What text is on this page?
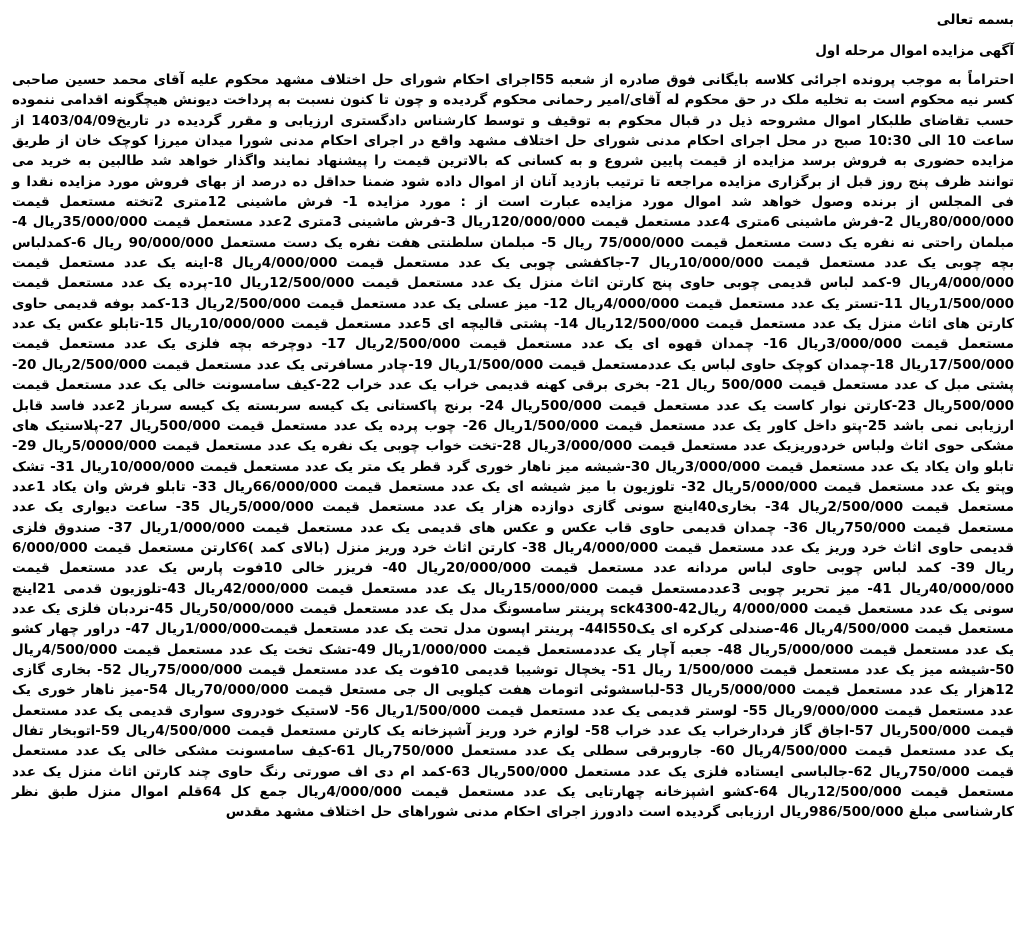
بسمه تعالی
آگهی مزایده اموال مرحله اول

احتراماً به موجب پرونده اجرائی کلاسه بایگانی فوق صادره از شعبه 55اجرای احکام شورای حل اختلاف مشهد محکوم علیه آقای محمد حسین صاحبی کسر نیه محکوم است به تخلیه ملک در حق محکوم له آقای/امیر رحمانی محکوم گردیده و چون تا کنون نسبت به پرداخت دیونش هیچگونه اقدامی ننموده حسب تقاضای طلبکار اموال مشروحه ذیل در قبال محکوم به توقیف و توسط کارشناس دادگستری ارزیابی و مقرر گردیده در تاریخ1403/04/09 از ساعت 10 الی 10:30 صبح در محل اجرای احکام مدنی شورای حل اختلاف مشهد واقع در اجرای احکام مدنی شورا میدان میرزا کوچک خان از طریق مزایده حضوری به فروش برسد مزایده از قیمت پایین شروع و به کسانی که بالاترین قیمت را پیشنهاد نمایند واگذار خواهد شد طالبین به خرید می توانند ظرف پنج روز قبل از برگزاری مزایده مراجعه تا ترتیب بازدید آنان از اموال داده شود ضمنا حداقل ده درصد از بهای فروش مورد مزایده نقدا و فی المجلس از برنده وصول خواهد شد اموال مورد مزایده عبارت است از : مورد مزایده 1- فرش ماشینی 12متری 2تخته مستعمل قیمت 80/000/000ریال 2-فرش ماشینی 6متری 4عدد مستعمل قیمت 120/000/000ریال 3-فرش ماشینی 3متری 2عدد مستعمل قیمت 35/000/000ریال 4- مبلمان راحتی نه نفره یک دست مستعمل قیمت 75/000/000 ریال 5- مبلمان سلطنتی هفت نفره یک دست مستعمل 90/000/000 ریال 6-کمدلباس بچه چوبی یک عدد مستعمل قیمت 10/000/000ریال 7-جاکفشی چوبی یک عدد مستعمل قیمت 4/000/000ریال 8-اینه یک عدد مستعمل قیمت 4/000/000ریال 9-کمد لباس قدیمی چوبی حاوی پنج کارتن اثاث منزل یک عدد مستعمل قیمت 12/500/000ریال 10-پرده یک عدد مستعمل قیمت 1/500/000ریال 11-تستر یک عدد مستعمل قیمت 4/000/000ریال 12- میز عسلی یک عدد مستعمل قیمت 2/500/000ریال 13-کمد بوفه قدیمی حاوی کارتن های اثاث منزل یک عدد مستعمل قیمت 12/500/000ریال 14- پشتی قالیچه ای 5عدد مستعمل قیمت 10/000/000ریال 15-تابلو عکس یک عدد مستعمل قیمت 3/000/000ریال 16- چمدان قهوه ای یک عدد مستعمل قیمت 2/500/000ریال 17- دوچرخه بچه فلزی یک عدد مستعمل قیمت 17/500/000ریال 18-چمدان کوچک حاوی لباس یک عددمستعمل قیمت 1/500/000ریال 19-چادر مسافرتی یک عدد مستعمل قیمت 2/500/000ریال 20-پشتی مبل ک عدد مستعمل قیمت 500/000 ریال 21- بخری برقی کهنه قدیمی خراب یک عدد خراب 22-کیف سامسونت خالی یک عدد مستعمل قیمت 500/000ریال 23-کارتن نوار کاست یک عدد مستعمل قیمت 500/000ریال 24- برنج پاکستانی یک کیسه سربسته یک کیسه سرباز 2عدد فاسد قابل ارزیابی نمی باشد 25-پتو داخل کاور یک عدد مستعمل قیمت 1/500/000ریال 26- چوب پرده یک عدد مستعمل قیمت 500/000ریال 27-پلاستیک های مشکی حوی اثاث ولباس خردوریزیک عدد مستعمل قیمت 3/000/000ریال 28-تخت خواب چوبی یک نفره یک عدد مستعمل قیمت 5/0000/000ریال 29-تابلو وان یکاد یک عدد مستعمل قیمت 3/000/000ریال 30-شیشه میز ناهار خوری گرد قطر یک متر یک عدد مستعمل قیمت 10/000/000ریال 31- تشک وپتو یک عدد مستعمل قیمت 5/000/000ریال 32- تلوزیون با میز شیشه ای یک عدد مستعمل قیمت 66/000/000ریال 33- تابلو فرش وان یکاد 1عدد مستعمل قیمت 2/500/000ریال 34- بخاری40اینچ سونی گازی دوازده هزار یک عدد مستعمل قیمت 5/000/000ریال 35- ساعت دیواری یک عدد مستعمل قیمت 750/000ریال 36- چمدان قدیمی حاوی قاب عکس و عکس های قدیمی یک عدد مستعمل قیمت 1/000/000ریال 37- صندوق فلزی قدیمی حاوی اثاث خرد وریز یک عدد مستعمل قیمت 4/000/000ریال 38- کارتن اثاث خرد وریز منزل (بالای کمد )6کارتن مستعمل قیمت 6/000/000 ریال 39- کمد لباس چوبی حاوی لباس مردانه عدد مستعمل قیمت 20/000/000ریال 40- فریزر خالی 10فوت پارس یک عدد مستعمل قیمت 40/000/000ریال 41- میز تحریر چوبی 3عددمستعمل قیمت 15/000/000ریال یک عدد مستعمل قیمت 42/000/000ریال 43-تلوزیون قدمی 21اینچ سونی یک عدد مستعمل قیمت 4/000/000 ریال42-sck4300 پرینتر سامسونگ مدل یک عدد مستعمل قیمت 50/000/000ریال 45-نردبان فلزی یک عدد مستعمل قیمت 4/500/000ریال 46-صندلی کرکره ای یک44l550- پرینتر اپسون مدل تحت یک عدد مستعمل قیمت1/000/000ریال 47- دراور چهار کشو یک عدد مستعمل قیمت 5/000/000ریال 48- جعبه آچار یک عددمستعمل قیمت 1/000/000ریال 49-تشک تخت یک عدد مستعمل قیمت 4/500/000ریال 50-شیشه میز یک عدد مستعمل قیمت 1/500/000 ریال 51- یخچال توشیبا قدیمی 10فوت یک عدد مستعمل قیمت 75/000/000ریال 52- بخاری گازی 12هزار یک عدد مستعمل قیمت 5/000/000ریال 53-لباسشوئی اتومات هفت کیلویی ال جی مستعل قیمت 70/000/000ریال 54-میز ناهار خوری یک عدد مستعمل قیمت 9/000/000ریال 55- لوستر قدیمی یک عدد مستعمل قیمت 1/500/000ریال 56- لاستیک خودروی سواری قدیمی یک عدد مستعمل قیمت 500/000ریال 57-اجاق گاز فردارخراب یک عدد خراب 58- لوازم خرد وریز آشپزخانه یک کارتن مستعمل قیمت 4/500/000ریال 59-اتوبخار تفال یک عدد مستعمل قیمت 4/500/000ریال 60- جاروبرقی سطلی یک عدد مستعمل 750/000ریال 61-کیف سامسونت مشکی خالی یک عدد مستعمل قیمت 750/000ریال 62-جالباسی ایستاده فلزی یک عدد مستعمل 500/000ریال 63-کمد ام دی اف صورتی رنگ حاوی چند کارتن اثاث منزل یک عدد مستعمل قیمت 12/500/000ریال 64-کشو اشپزخانه چهارتایی یک عدد مستعمل قیمت 4/000/000ریال جمع کل 64قلم اموال منزل طبق نظر کارشناسی مبلغ 986/500/000ریال ارزیابی گردیده است دادورز اجرای احکام مدنی شوراهای حل اختلاف مشهد مقدس
